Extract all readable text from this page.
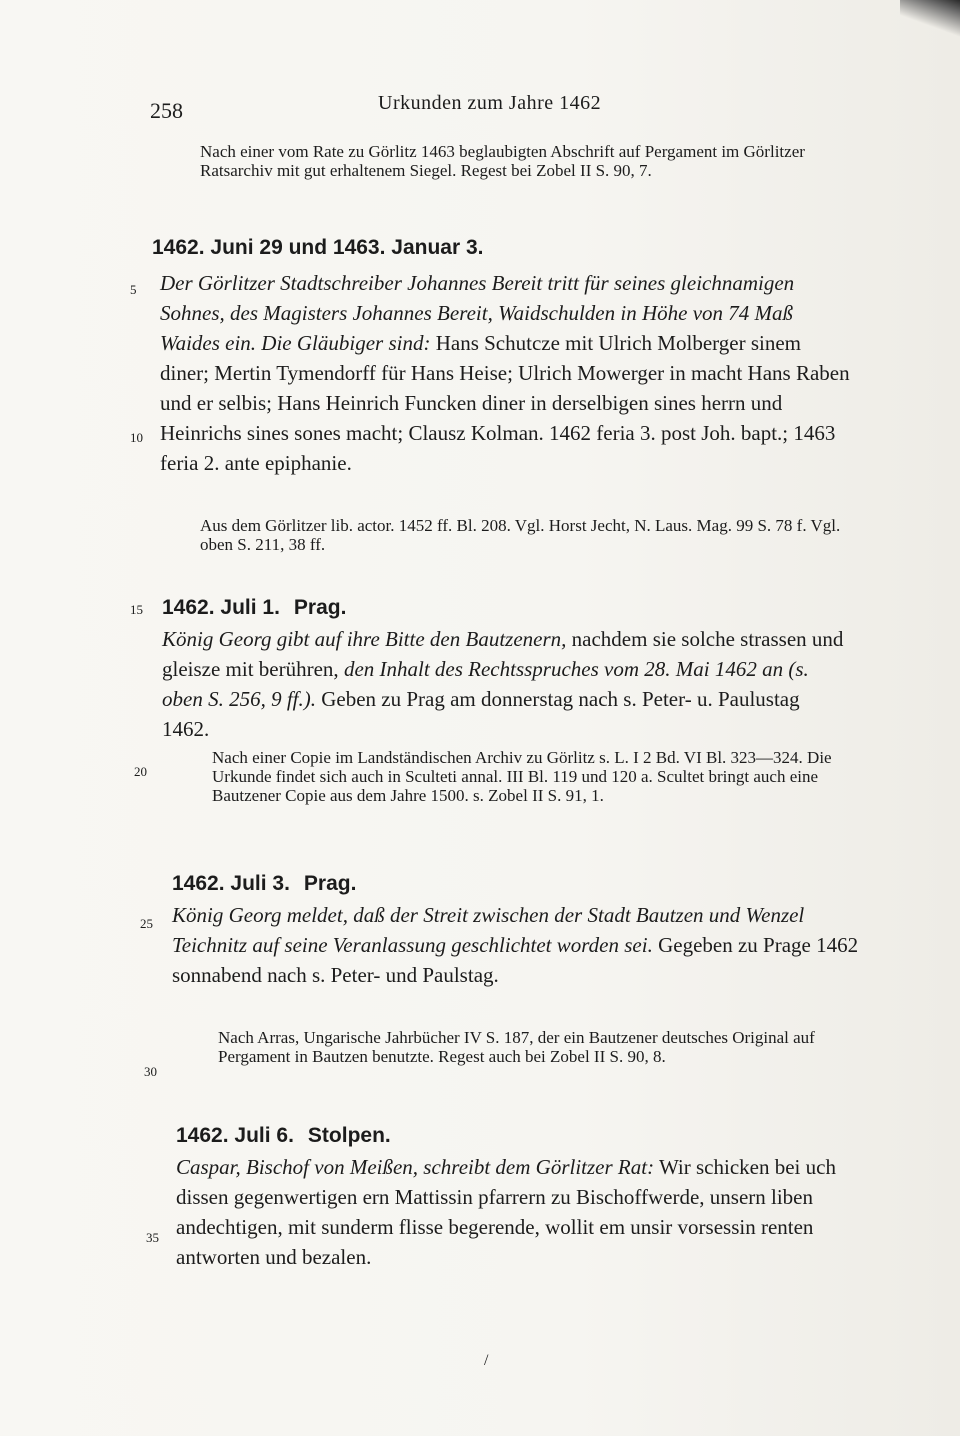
258	Urkunden zum Jahre 1462
Nach einer vom Rate zu Görlitz 1463 beglaubigten Abschrift auf Pergament im Görlitzer Ratsarchiv mit gut erhaltenem Siegel. Regest bei Zobel II S. 90, 7.
1462. Juni 29 und 1463. Januar 3.
Der Görlitzer Stadtschreiber Johannes Bereit tritt für seines gleichnamigen Sohnes, des Magisters Johannes Bereit, Waidschulden in Höhe von 74 Maß Waides ein. Die Gläubiger sind: Hans Schutcze mit Ulrich Molberger sinem diner; Mertin Tymendorff für Hans Heise; Ulrich Mowerger in macht Hans Raben und er selbis; Hans Heinrich Funcken diner in derselbigen sines herrn und Heinrichs sines sones macht; Clausz Kolman. 1462 feria 3. post Joh. bapt.; 1463 feria 2. ante epiphanie.
Aus dem Görlitzer lib. actor. 1452 ff. Bl. 208. Vgl. Horst Jecht, N. Laus. Mag. 99 S. 78 f. Vgl. oben S. 211, 38 ff.
1462. Juli 1. Prag.
König Georg gibt auf ihre Bitte den Bautzenern, nachdem sie solche strassen und gleisze mit berühren, den Inhalt des Rechtsspruches vom 28. Mai 1462 an (s. oben S. 256, 9 ff.). Geben zu Prag am donnerstag nach s. Peter- u. Paulustag 1462.
Nach einer Copie im Landständischen Archiv zu Görlitz s. L. I 2 Bd. VI Bl. 323—324. Die Urkunde findet sich auch in Sculteti annal. III Bl. 119 und 120 a. Scultet bringt auch eine Bautzener Copie aus dem Jahre 1500. s. Zobel II S. 91, 1.
1462. Juli 3. Prag.
König Georg meldet, daß der Streit zwischen der Stadt Bautzen und Wenzel Teichnitz auf seine Veranlassung geschlichtet worden sei. Gegeben zu Prage 1462 sonnabend nach s. Peter- und Paulstag.
Nach Arras, Ungarische Jahrbücher IV S. 187, der ein Bautzener deutsches Original auf Pergament in Bautzen benutzte. Regest auch bei Zobel II S. 90, 8.
1462. Juli 6. Stolpen.
Caspar, Bischof von Meißen, schreibt dem Görlitzer Rat: Wir schicken bei uch dissen gegenwertigen ern Mattissin pfarrern zu Bischoffwerde, unsern liben andechtigen, mit sunderm flisse begerende, wollit em unsir vorsessin renten antworten und bezalen.
5
10
15
20
25
30
35
/
